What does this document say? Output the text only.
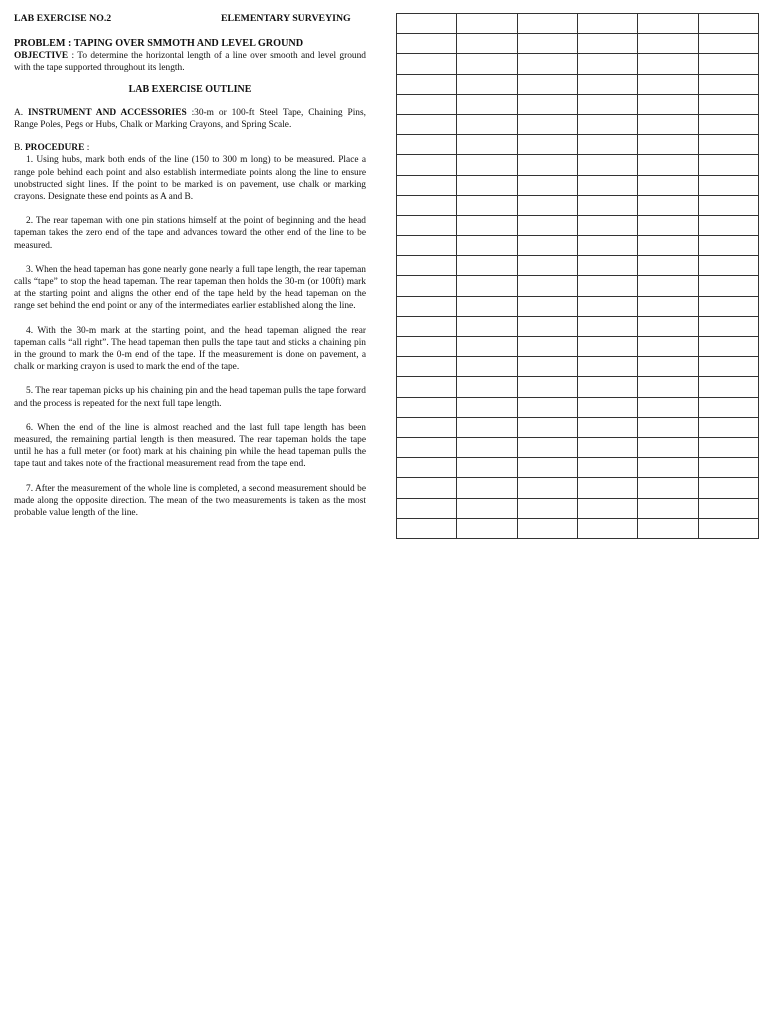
LAB EXERCISE NO.2	ELEMENTARY SURVEYING
PROBLEM : TAPING OVER SMMOTH AND LEVEL GROUND
OBJECTIVE : To determine the horizontal length of a line over smooth and level ground with the tape supported throughout its length.
LAB EXERCISE OUTLINE
A. INSTRUMENT AND ACCESSORIES :30-m or 100-ft Steel Tape, Chaining Pins, Range Poles, Pegs or Hubs, Chalk or Marking Crayons, and Spring Scale.
B. PROCEDURE :
1. Using hubs, mark both ends of the line (150 to 300 m long) to be measured. Place a range pole behind each point and also establish intermediate points along the line to ensure unobstructed sight lines. If the point to be marked is on pavement, use chalk or marking crayons. Designate these end points as A and B.
2. The rear tapeman with one pin stations himself at the point of beginning and the head tapeman takes the zero end of the tape and advances toward the other end of the line to be measured.
3. When the head tapeman has gone nearly gone nearly a full tape length, the rear tapeman calls “tape” to stop the head tapeman. The rear tapeman then holds the 30-m (or 100ft) mark at the starting point and aligns the other end of the tape held by the head tapeman on the range set behind the end point or any of the intermediates earlier established along the line.
4. With the 30-m mark at the starting point, and the head tapeman aligned the rear tapeman calls “all right”. The head tapeman then pulls the tape taut and sticks a chaining pin in the ground to mark the 0-m end of the tape. If the measurement is done on pavement, a chalk or marking crayon is used to mark the end of the tape.
5. The rear tapeman picks up his chaining pin and the head tapeman pulls the tape forward and the process is repeated for the next full tape length.
6. When the end of the line is almost reached and the last full tape length has been measured, the remaining partial length is then measured. The rear tapeman holds the tape until he has a full meter (or foot) mark at his chaining pin while the head tapeman pulls the tape taut and takes note of the fractional measurement read from the tape end.
7. After the measurement of the whole line is completed, a second measurement should be made along the opposite direction. The mean of the two measurements is taken as the most probable value length of the line.
